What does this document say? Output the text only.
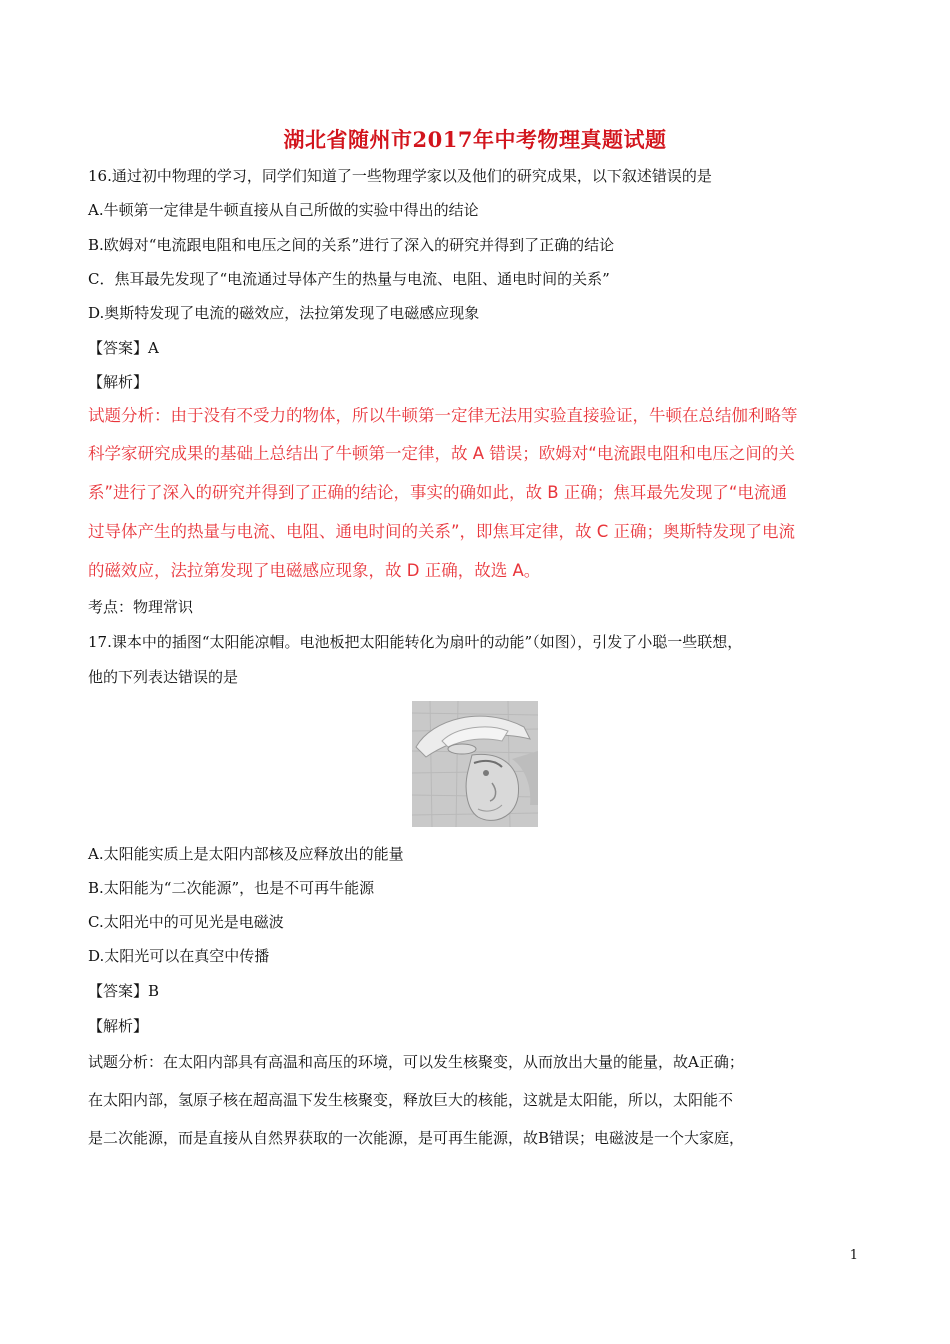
湖北省随州市2017年中考物理真题试题
16.通过初中物理的学习，同学们知道了一些物理学家以及他们的研究成果，以下叙述错误的是
A.牛顿第一定律是牛顿直接从自己所做的实验中得出的结论
B.欧姆对“电流跟电阻和电压之间的关系”进行了深入的研究并得到了正确的结论
C．焦耳最先发现了“电流通过导体产生的热量与电流、电阻、通电时间的关系”
D.奥斯特发现了电流的磁效应，法拉第发现了电磁感应现象
【答案】A
【解析】
试题分析：由于没有不受力的物体，所以牛顿第一定律无法用实验直接验证，牛顿在总结伽利略等
科学家研究成果的基础上总结出了牛顿第一定律，故 A 错误；欧姆对“电流跟电阻和电压之间的关
系”进行了深入的研究并得到了正确的结论，事实的确如此，故 B 正确；焦耳最先发现了“电流通
过导体产生的热量与电流、电阻、通电时间的关系”，即焦耳定律，故 C 正确；奥斯特发现了电流
的磁效应，法拉第发现了电磁感应现象，故 D 正确，故选 A。
考点：物理常识
17.课本中的插图“太阳能凉帽。电池板把太阳能转化为扇叶的动能”（如图），引发了小聪一些联想，
他的下列表达错误的是
A.太阳能实质上是太阳内部核及应释放出的能量
B.太阳能为“二次能源”，也是不可再牛能源
C.太阳光中的可见光是电磁波
D.太阳光可以在真空中传播
【答案】B
【解析】
试题分析：在太阳内部具有高温和高压的环境，可以发生核聚变，从而放出大量的能量，故A正确；
在太阳内部，氢原子核在超高温下发生核聚变，释放巨大的核能，这就是太阳能，所以，太阳能不
是二次能源，而是直接从自然界获取的一次能源，是可再生能源，故B错误；电磁波是一个大家庭，
1
